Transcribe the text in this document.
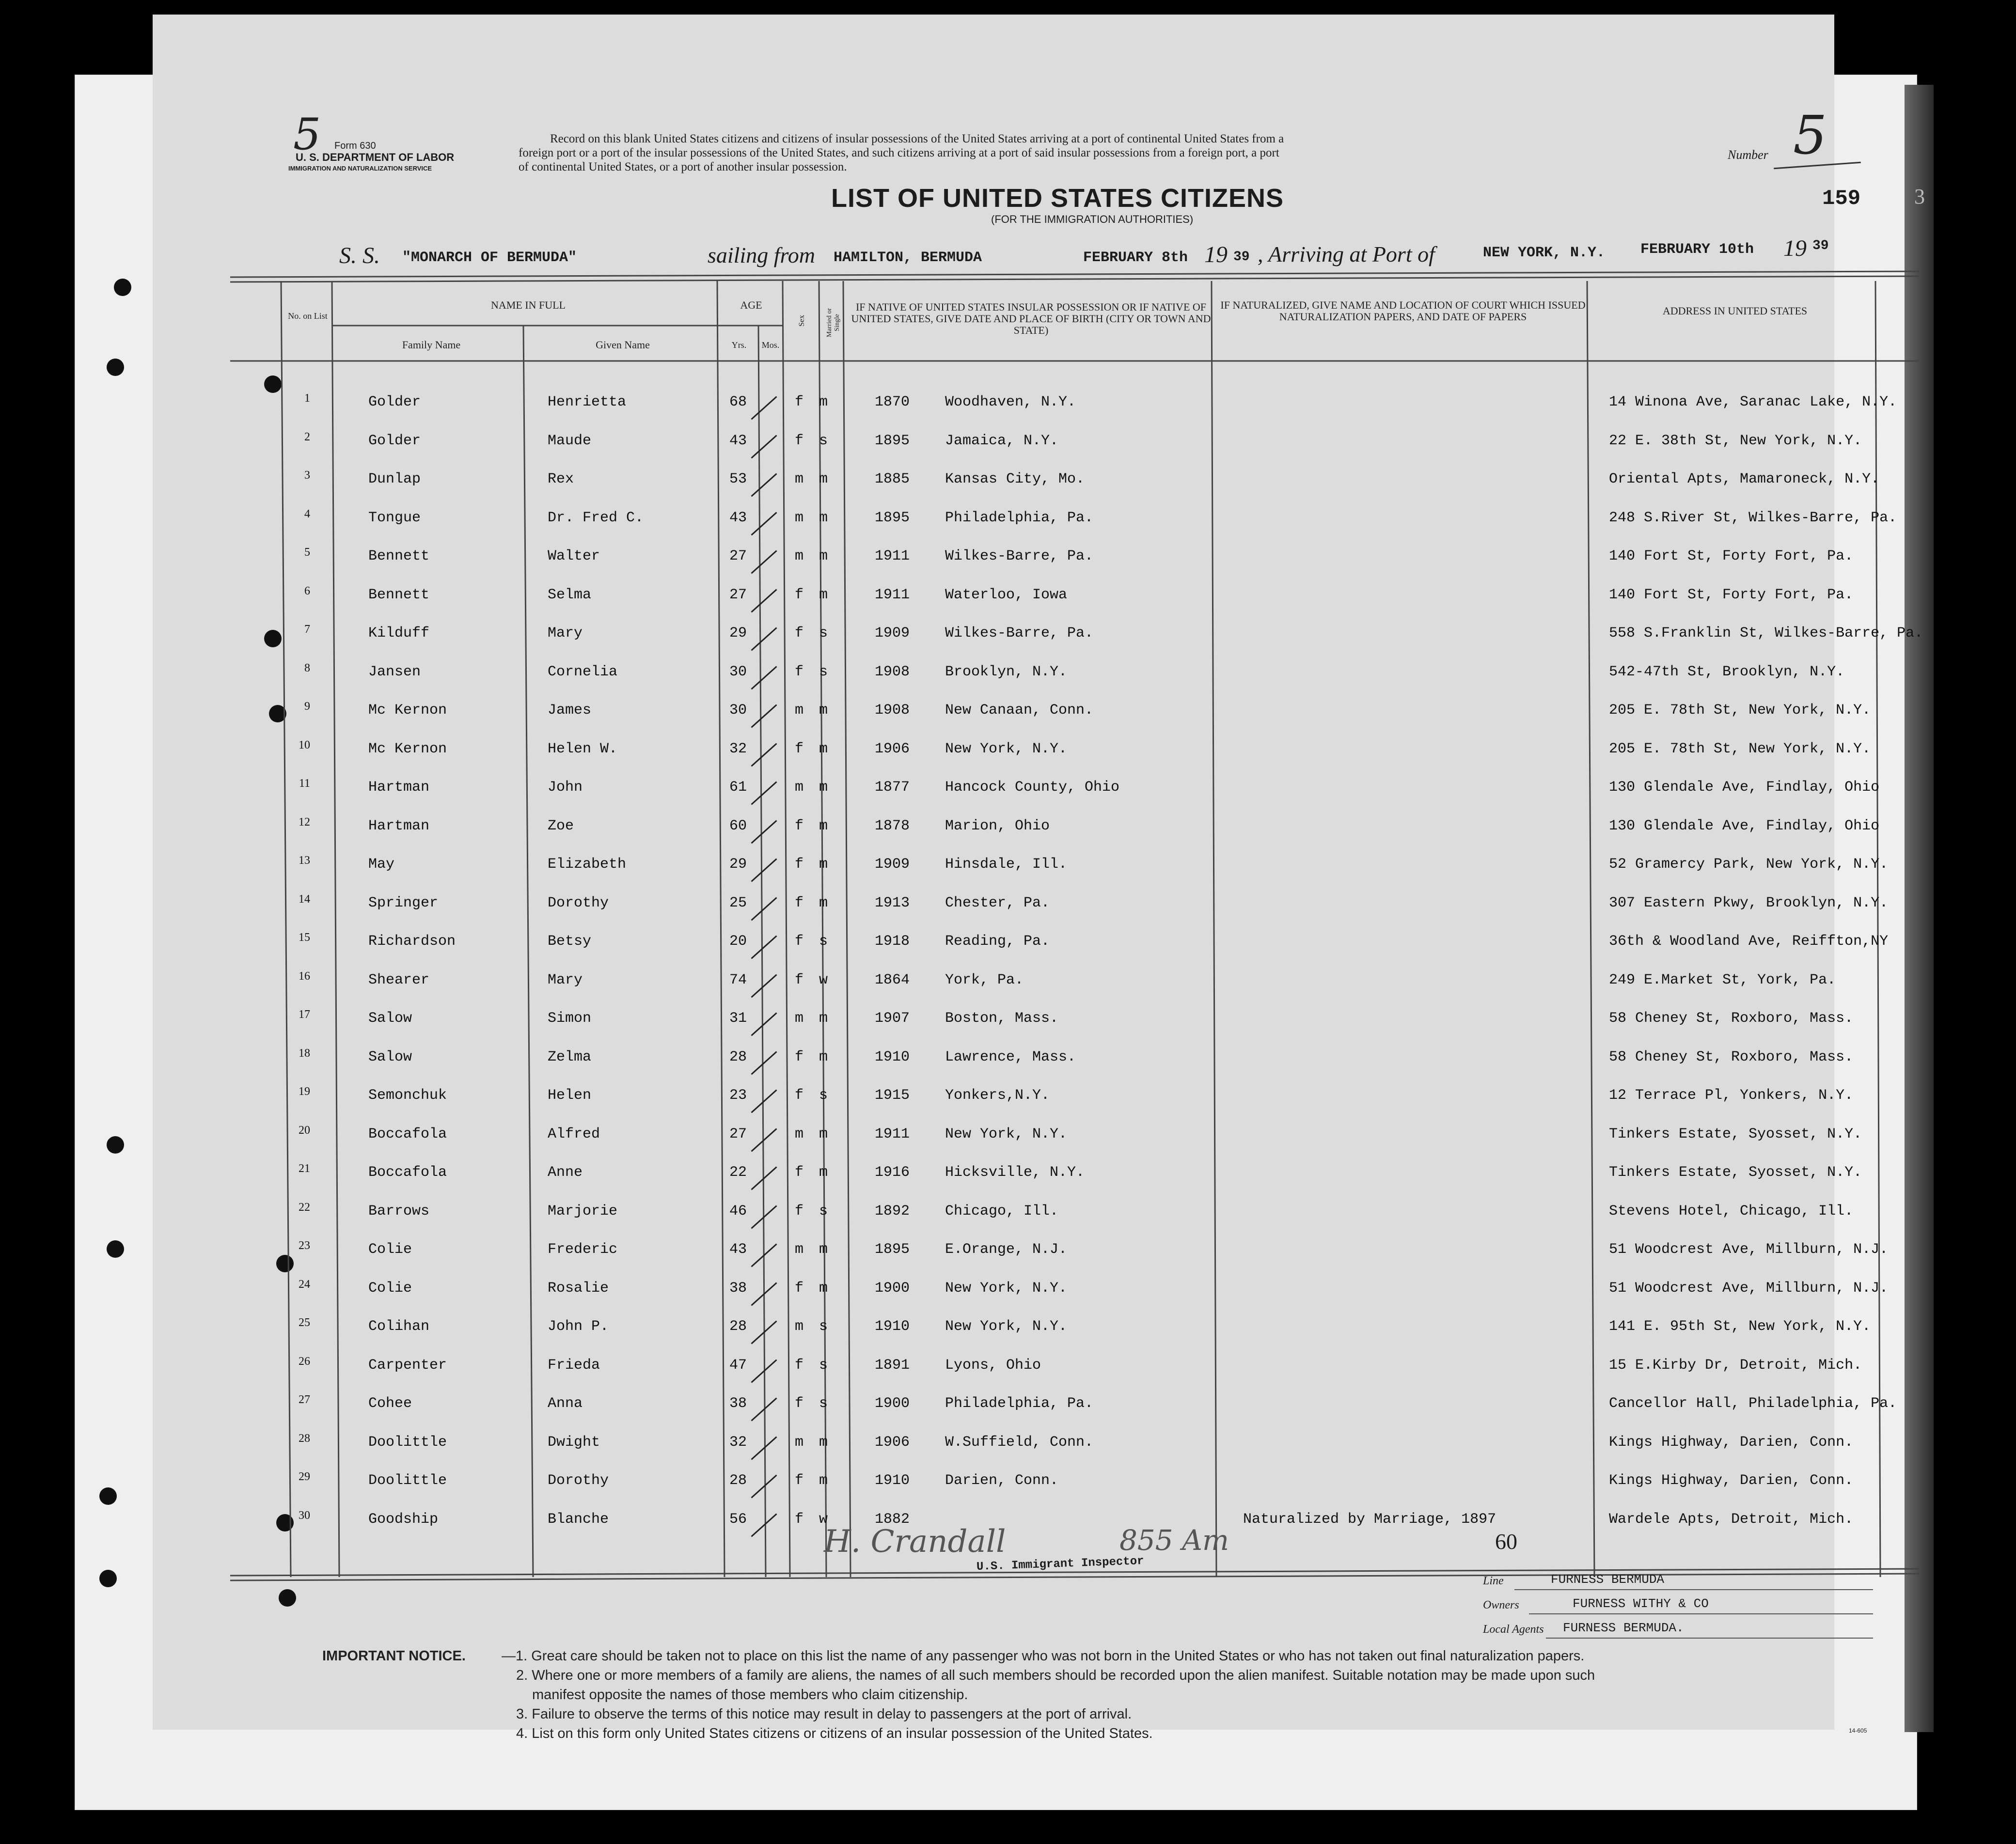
5 Form 630
U. S. DEPARTMENT OF LABOR
IMMIGRATION AND NATURALIZATION SERVICE
Record on this blank United States citizens and citizens of insular possessions of the United States arriving at a port of continental United States from a
foreign port or a port of the insular possessions of the United States, and such citizens arriving at a port of said insular possessions from a foreign port, a port
of continental United States, or a port of another insular possession.
Number 5
LIST OF UNITED STATES CITIZENS
(FOR THE IMMIGRATION AUTHORITIES)
159	3
S. S. "MONARCH OF BERMUDA"	sailing from HAMILTON, BERMUDA	FEBRUARY 8th 19 39 , Arriving at Port of	NEW YORK, N.Y. FEBRUARY 10th 19 39
No. on List
NAME IN FULL
Family Name	Given Name
AGE
Yrs.	Mos.
Sex	Married or Single
IF NATIVE OF UNITED STATES INSULAR POSSESSION OR IF NATIVE OF UNITED STATES, GIVE DATE AND PLACE OF BIRTH (CITY OR TOWN AND STATE)
IF NATURALIZED, GIVE NAME AND LOCATION OF COURT WHICH ISSUED NATURALIZATION PAPERS, AND DATE OF PAPERS	ADDRESS IN UNITED STATES
1	Golder	Henrietta	68	f m	1870 Woodhaven, N.Y.	14 Winona Ave, Saranac Lake, N.Y.
2	Golder	Maude	43	f s	1895 Jamaica, N.Y.	22 E. 38th St, New York, N.Y.
3	Dunlap	Rex	53	m m	1885 Kansas City, Mo.	Oriental Apts, Mamaroneck, N.Y.
4	Tongue	Dr. Fred C.	43	m m	1895 Philadelphia, Pa.	248 S.River St, Wilkes-Barre, Pa.
5	Bennett	Walter	27	m m	1911 Wilkes-Barre, Pa.	140 Fort St, Forty Fort, Pa.
6	Bennett	Selma	27	f m	1911 Waterloo, Iowa	140 Fort St, Forty Fort, Pa.
7	Kilduff	Mary	29	f s	1909 Wilkes-Barre, Pa.	558 S.Franklin St, Wilkes-Barre, Pa.
8	Jansen	Cornelia	30	f s	1908 Brooklyn, N.Y.	542-47th St, Brooklyn, N.Y.
9	Mc Kernon	James	30	m m	1908 New Canaan, Conn.	205 E. 78th St, New York, N.Y.
10	Mc Kernon	Helen W.	32	f m	1906 New York, N.Y.	205 E. 78th St, New York, N.Y.
11	Hartman	John	61	m m	1877 Hancock County, Ohio	130 Glendale Ave, Findlay, Ohio
12	Hartman	Zoe	60	f m	1878 Marion, Ohio	130 Glendale Ave, Findlay, Ohio
13	May	Elizabeth	29	f m	1909 Hinsdale, Ill.	52 Gramercy Park, New York, N.Y.
14	Springer	Dorothy	25	f m	1913 Chester, Pa.	307 Eastern Pkwy, Brooklyn, N.Y.
15	Richardson	Betsy	20	f s	1918 Reading, Pa.	36th & Woodland Ave, Reiffton,NY
16	Shearer	Mary	74	f w	1864 York, Pa.	249 E.Market St, York, Pa.
17	Salow	Simon	31	m m	1907 Boston, Mass.	58 Cheney St, Roxboro, Mass.
18	Salow	Zelma	28	f m	1910 Lawrence, Mass.	58 Cheney St, Roxboro, Mass.
19	Semonchuk	Helen	23	f s	1915 Yonkers,N.Y.	12 Terrace Pl, Yonkers, N.Y.
20	Boccafola	Alfred	27	m m	1911 New York, N.Y.	Tinkers Estate, Syosset, N.Y.
21	Boccafola	Anne	22	f m	1916 Hicksville, N.Y.	Tinkers Estate, Syosset, N.Y.
22	Barrows	Marjorie	46	f s	1892 Chicago, Ill.	Stevens Hotel, Chicago, Ill.
23	Colie	Frederic	43	m m	1895 E.Orange, N.J.	51 Woodcrest Ave, Millburn, N.J.
24	Colie	Rosalie	38	f m	1900 New York, N.Y.	51 Woodcrest Ave, Millburn, N.J.
25	Colihan	John P.	28	m s	1910 New York, N.Y.	141 E. 95th St, New York, N.Y.
26	Carpenter	Frieda	47	f s	1891 Lyons, Ohio	15 E.Kirby Dr, Detroit, Mich.
27	Cohee	Anna	38	f s	1900 Philadelphia, Pa.	Cancellor Hall, Philadelphia, Pa.
28	Doolittle	Dwight	32	m m	1906 W.Suffield, Conn.	Kings Highway, Darien, Conn.
29	Doolittle	Dorothy	28	f m	1910 Darien, Conn.	Kings Highway, Darien, Conn.
30	Goodship	Blanche	56	f w	1882	Naturalized by Marriage, 1897	Wardele Apts, Detroit, Mich.
H. Crandall	855 Am
U.S. Immigrant Inspector
60
Line	FURNESS BERMUDA
Owners	FURNESS WITHY & CO
Local Agents FURNESS BERMUDA.
IMPORTANT NOTICE.	—1. Great care should be taken not to place on this list the name of any passenger who was not born in the United States or who has not taken out final naturalization papers.
2. Where one or more members of a family are aliens, the names of all such members should be recorded upon the alien manifest. Suitable notation may be made upon such
manifest opposite the names of those members who claim citizenship.
3. Failure to observe the terms of this notice may result in delay to passengers at the port of arrival.
4. List on this form only United States citizens or citizens of an insular possession of the United States.	14-605
